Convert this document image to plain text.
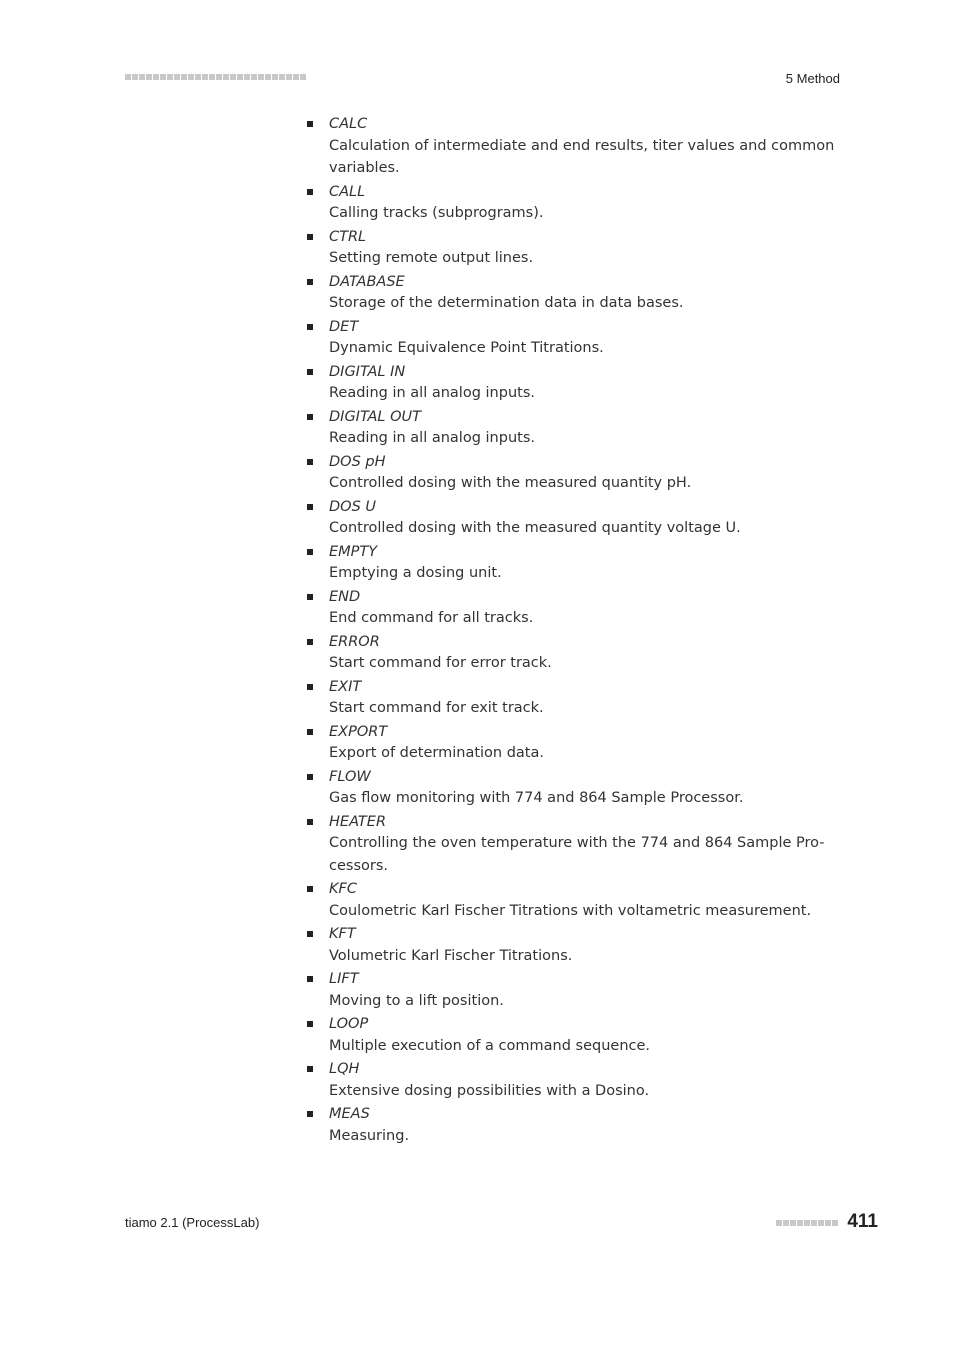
5 Method
CALC
Calculation of intermediate and end results, titer values and common variables.
CALL
Calling tracks (subprograms).
CTRL
Setting remote output lines.
DATABASE
Storage of the determination data in data bases.
DET
Dynamic Equivalence Point Titrations.
DIGITAL IN
Reading in all analog inputs.
DIGITAL OUT
Reading in all analog inputs.
DOS pH
Controlled dosing with the measured quantity pH.
DOS U
Controlled dosing with the measured quantity voltage U.
EMPTY
Emptying a dosing unit.
END
End command for all tracks.
ERROR
Start command for error track.
EXIT
Start command for exit track.
EXPORT
Export of determination data.
FLOW
Gas flow monitoring with 774 and 864 Sample Processor.
HEATER
Controlling the oven temperature with the 774 and 864 Sample Pro-cessors.
KFC
Coulometric Karl Fischer Titrations with voltametric measurement.
KFT
Volumetric Karl Fischer Titrations.
LIFT
Moving to a lift position.
LOOP
Multiple execution of a command sequence.
LQH
Extensive dosing possibilities with a Dosino.
MEAS
Measuring.
tiamo 2.1 (ProcessLab)	411
